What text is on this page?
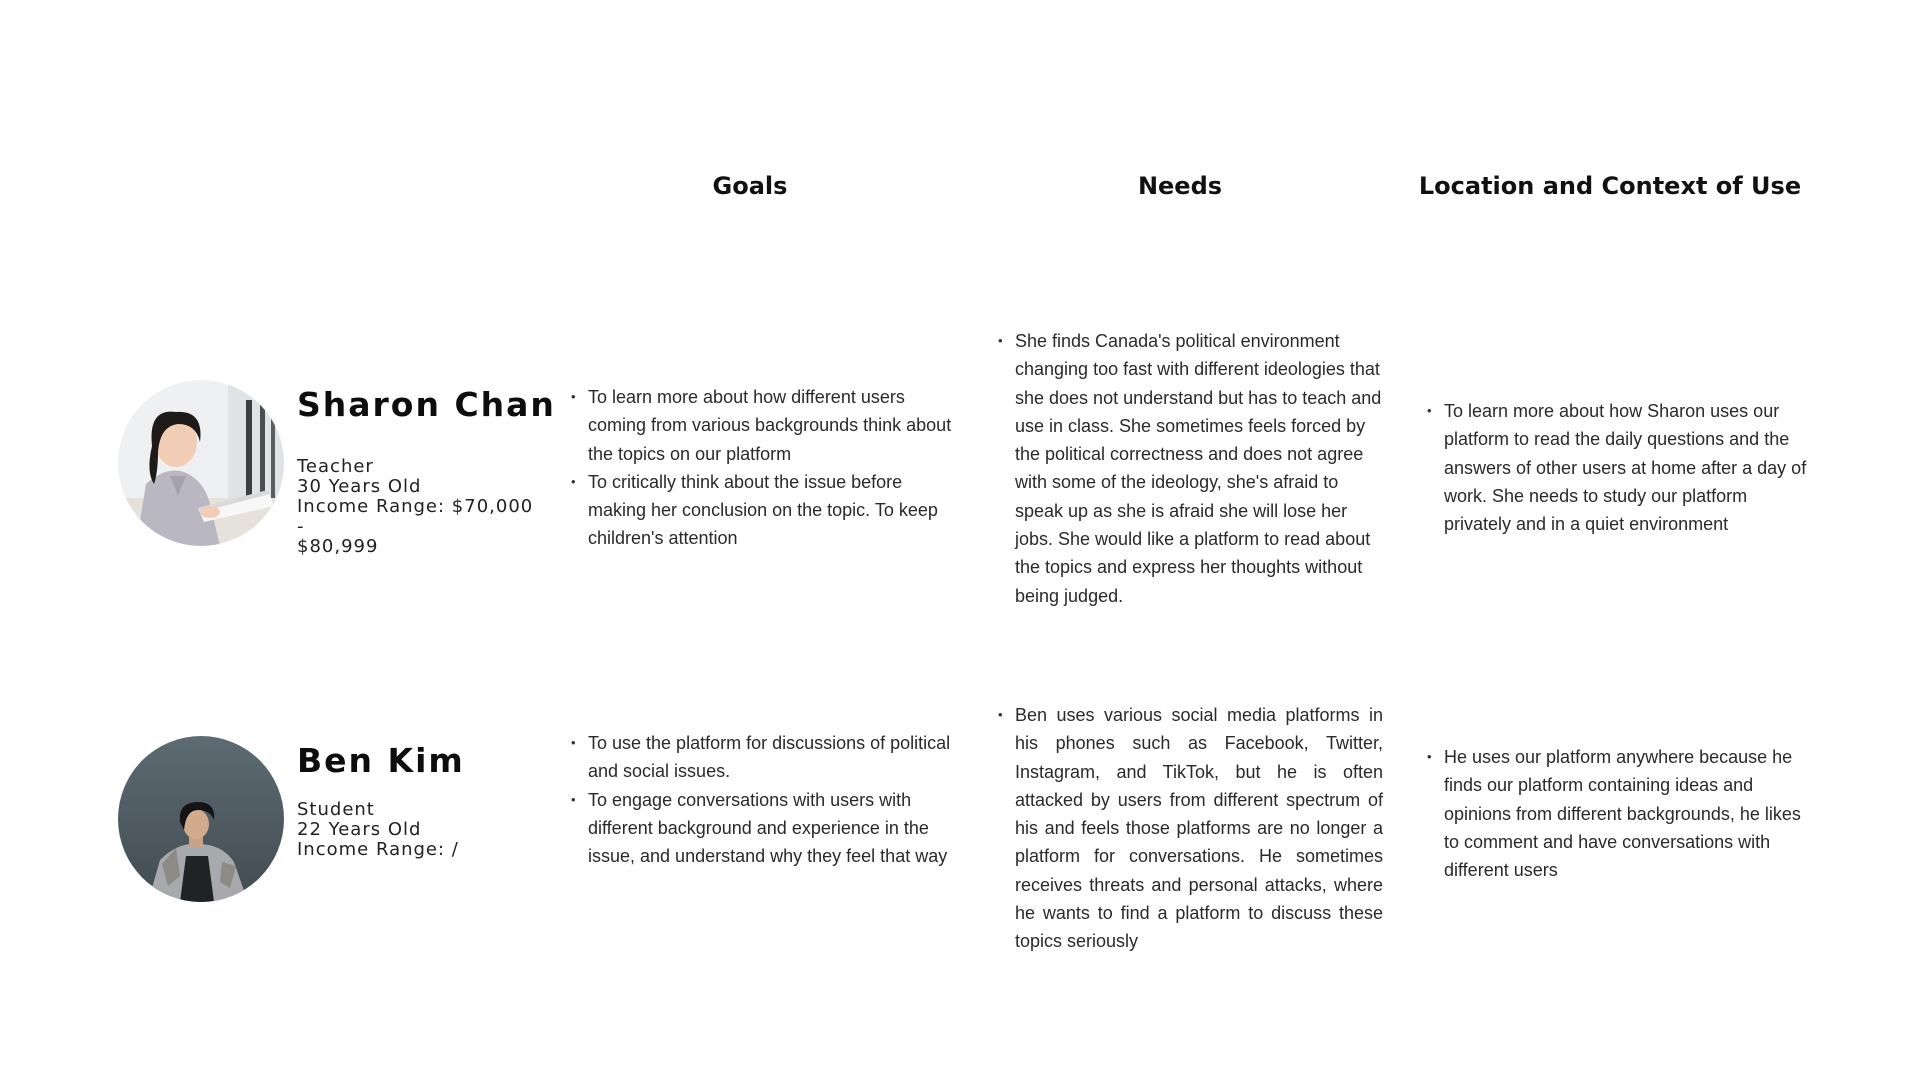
Goals	Needs	Location and Context of Use
Sharon Chan
Teacher
30 Years Old
Income Range: $70,000 -
$80,999
• To learn more about how different users coming from various backgrounds think about the topics on our platform
• To critically think about the issue before making her conclusion on the topic. To keep children's attention
• She finds Canada's political environment changing too fast with different ideologies that she does not understand but has to teach and use in class. She sometimes feels forced by the political correctness and does not agree with some of the ideology, she's afraid to speak up as she is afraid she will lose her jobs. She would like a platform to read about the topics and express her thoughts without being judged.
• To learn more about how Sharon uses our platform to read the daily questions and the answers of other users at home after a day of work. She needs to study our platform privately and in a quiet environment
Ben Kim
Student
22 Years Old
Income Range: /
• To use the platform for discussions of political and social issues.
• To engage conversations with users with different background and experience in the issue, and understand why they feel that way
• Ben uses various social media platforms in his phones such as Facebook, Twitter, Instagram, and TikTok, but he is often attacked by users from different spectrum of his and feels those platforms are no longer a platform for conversations. He sometimes receives threats and personal attacks, where he wants to find a platform to discuss these topics seriously
• He uses our platform anywhere because he finds our platform containing ideas and opinions from different backgrounds, he likes to comment and have conversations with different users
